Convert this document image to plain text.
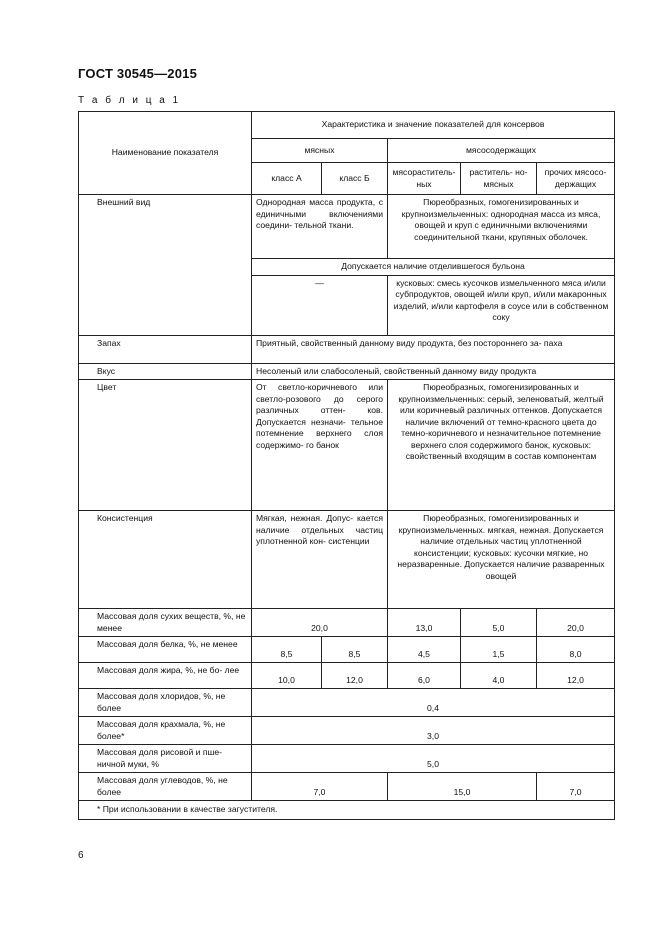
ГОСТ 30545—2015
Т а б л и ц а 1
Наименование показателя	Характеристика и значение показателей для консервов				
	мясных		мясосодержащих		
	класс А	класс Б	мясораститель- ных	раститель- но-мясных	прочих мясосо- держащих
Внешний вид	Однородная масса продукта, с единичными включениями соедини- тельной ткани.		Пюреобразных, гомогенизированных и крупноизмельченных: однородная масса из мяса, овощей и круп с единичными включениями соединительной ткани, крупяных оболочек.		
	Допускается наличие отделившегося бульона				
	—		кусковых: смесь кусочков измельченного мяса и/или субпродуктов, овощей и/или круп, и/или макаронных изделий, и/или картофеля в соусе или в собственном соку		
Запах	Приятный, свойственный данному виду продукта, без постороннего за- паха				
Вкус	Несоленый или слабосоленый, свойственный данному виду продукта				
Цвет	От светло-коричневого или светло-розового до серого различных оттен- ков. Допускается незначи- тельное потемнение верхнего слоя содержимо- го банок		Пюреобразных, гомогенизированных и крупноизмельченных: серый, зеленоватый, желтый или коричневый различных оттенков. Допускается наличие включений от темно-красного цвета до темно-коричневого и незначительное потемнение верхнего слоя содержимого банок, кусковых: свойственный входящим в состав компонентам		
Консистенция	Мягкая, нежная. Допус- кается наличие отдельных частиц уплотненной кон- систенции		Пюреобразных, гомогенизированных и крупноизмельченных. мягкая, нежная. Допускается наличие отдельных частиц уплотненной консистенции; кусковых: кусочки мягкие, но неразваренные. Допускается наличие разваренных овощей		
Массовая доля сухих веществ, %, не менее	20,0		13,0	5,0	20,0
Массовая доля белка, %, не менее	8,5	8,5	4,5	1,5	8,0
Массовая доля жира, %, не бо- лее	10,0	12,0	6,0	4,0	12,0
Массовая доля хлоридов, %, не более	0,4				
Массовая доля крахмала, %, не более*	3,0				
Массовая доля рисовой и пше- ничной муки, %	5,0				
Массовая доля углеводов, %, не более	7,0		15,0		7,0
* При использовании в качестве загустителя.					
6
